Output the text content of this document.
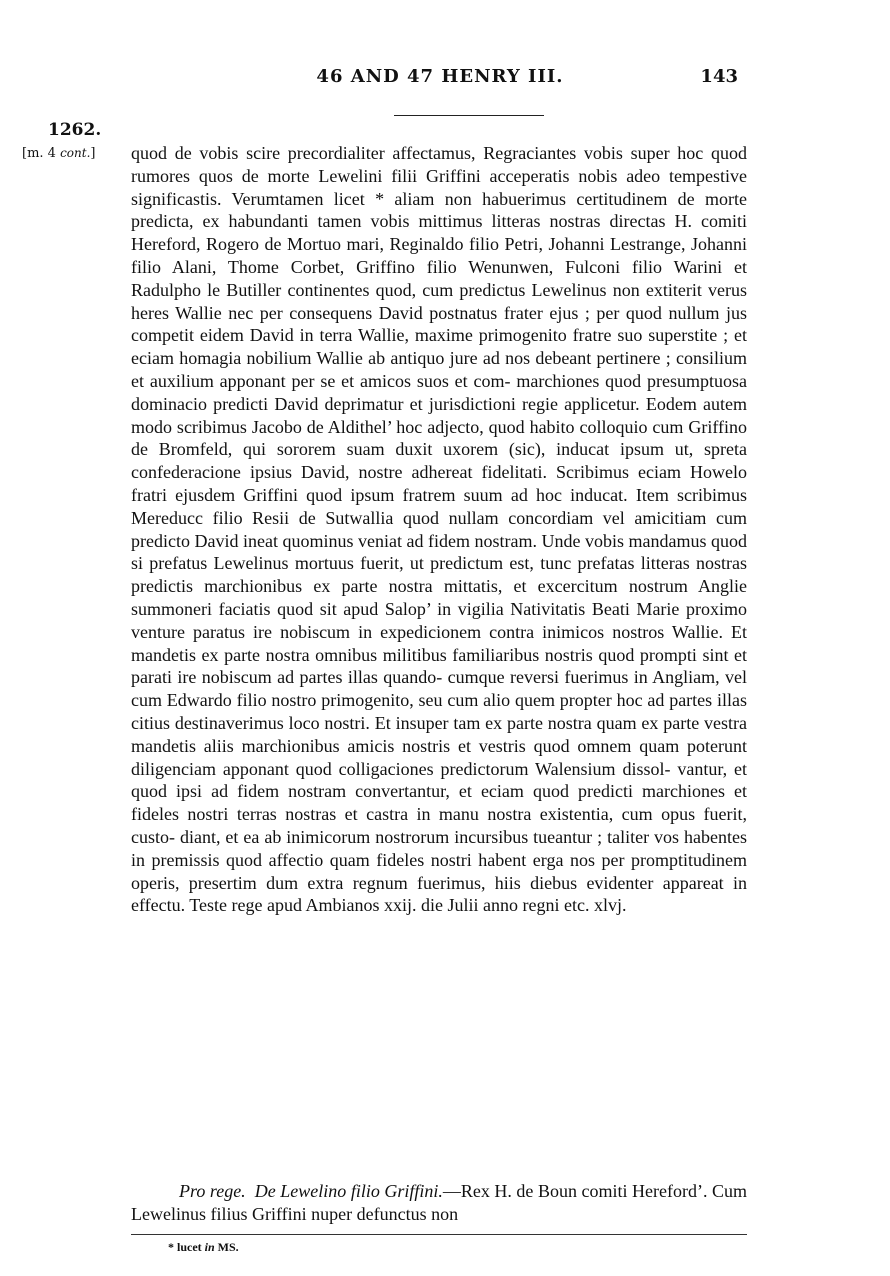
46 AND 47 HENRY III.	143
1262.
[m. 4 cont.] quod de vobis scire precordialiter affectamus, Regraciantes vobis super hoc quod rumores quos de morte Lewelini filii Griffini acceperatis nobis adeo tempestive significastis. Verumtamen licet * aliam non habuerimus certitudinem de morte predicta, ex habundanti tamen vobis mittimus litteras nostras directas H. comiti Hereford, Rogero de Mortuo mari, Reginaldo filio Petri, Johanni Lestrange, Johanni filio Alani, Thome Corbet, Griffino filio Wenunwen, Fulconi filio Warini et Radulpho le Butiller continentes quod, cum predictus Lewelinus non extiterit verus heres Wallie nec per consequens David postnatus frater ejus ; per quod nullum jus competit eidem David in terra Wallie, maxime primogenito fratre suo superstite ; et eciam homagia nobilium Wallie ab antiquo jure ad nos debeant pertinere ; consilium et auxilium apponant per se et amicos suos et com- marchiones quod presumptuosa dominacio predicti David deprimatur et jurisdictioni regie applicetur. Eodem autem modo scribimus Jacobo de Aldithel’ hoc adjecto, quod habito colloquio cum Griffino de Bromfeld, qui sororem suam duxit uxorem (sic), inducat ipsum ut, spreta confederacione ipsius David, nostre adhereat fidelitati. Scribimus eciam Howelo fratri ejusdem Griffini quod ipsum fratrem suum ad hoc inducat. Item scribimus Mereducc filio Resii de Sutwallia quod nullam concordiam vel amicitiam cum predicto David ineat quominus veniat ad fidem nostram. Unde vobis mandamus quod si prefatus Lewelinus mortuus fuerit, ut predictum est, tunc prefatas litteras nostras predictis marchionibus ex parte nostra mittatis, et excercitum nostrum Anglie summoneri faciatis quod sit apud Salop’ in vigilia Nativitatis Beati Marie proximo venture paratus ire nobiscum in expedicionem contra inimicos nostros Wallie. Et mandetis ex parte nostra omnibus militibus familiaribus nostris quod prompti sint et parati ire nobiscum ad partes illas quando- cumque reversi fuerimus in Angliam, vel cum Edwardo filio nostro primogenito, seu cum alio quem propter hoc ad partes illas citius destinaverimus loco nostri. Et insuper tam ex parte nostra quam ex parte vestra mandetis aliis marchionibus amicis nostris et vestris quod omnem quam poterunt diligenciam apponant quod colligaciones predictorum Walensium dissol- vantur, et quod ipsi ad fidem nostram convertantur, et eciam quod predicti marchiones et fideles nostri terras nostras et castra in manu nostra existentia, cum opus fuerit, custo- diant, et ea ab inimicorum nostrorum incursibus tueantur ; taliter vos habentes in premissis quod affectio quam fideles nostri habent erga nos per promptitudinem operis, presertim dum extra regnum fuerimus, hiis diebus evidenter appareat in effectu. Teste rege apud Ambianos xxij. die Julii anno regni etc. xlvj.

Pro rege. De Lewelino filio Griffini.—Rex H. de Boun comiti Hereford’. Cum Lewelinus filius Griffini nuper defunctus non
* lucet in MS.
